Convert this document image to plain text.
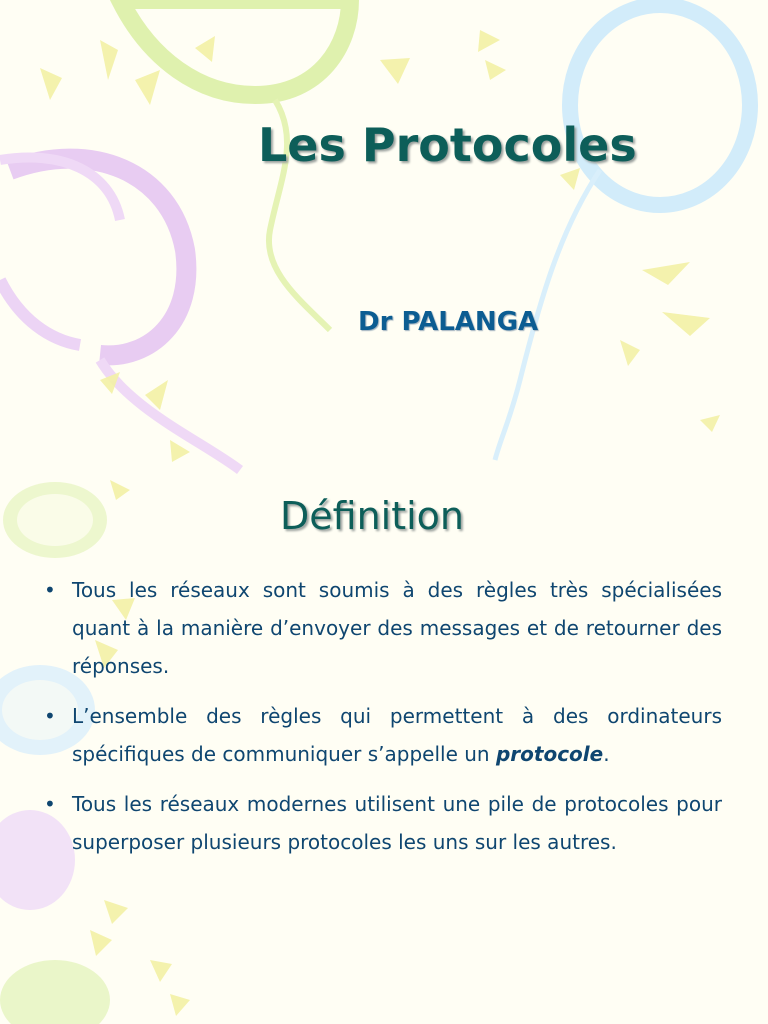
Les Protocoles
Dr PALANGA
Définition
• Tous les réseaux sont soumis à des règles très spécialisées quant à la manière d’envoyer des messages et de retourner des réponses.
• L’ensemble des règles qui permettent à des ordinateurs spécifiques de communiquer s’appelle un protocole.
• Tous les réseaux modernes utilisent une pile de protocoles pour superposer plusieurs protocoles les uns sur les autres.
